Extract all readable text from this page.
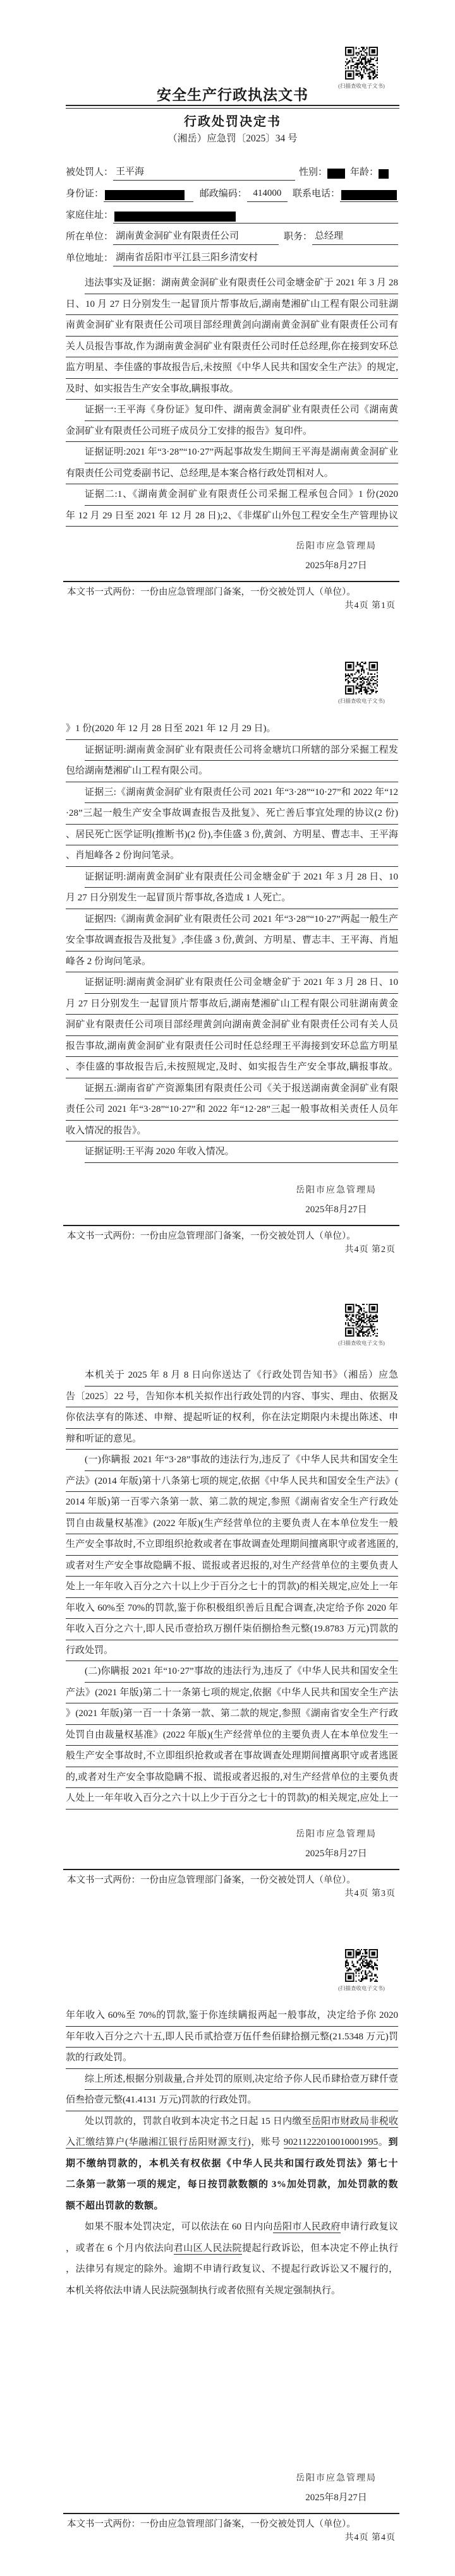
(扫描查收电子文书)
安全生产行政执法文书
行政处罚决定书
（湘岳）应急罚〔2025〕34 号
被处罚人： 王平海	性别： 年龄：
身份证：	邮政编码： 414000	联系电话：
家庭住址：
所在单位： 湖南黄金洞矿业有限责任公司	职务： 总经理
单位地址： 湖南省岳阳市平江县三阳乡清安村
违法事实及证据：湖南黄金洞矿业有限责任公司金塘金矿于 2021 年 3 月 28
日、10 月 27 日分别发生一起冒顶片帮事故后,湖南楚湘矿山工程有限公司驻湖
南黄金洞矿业有限责任公司项目部经理黄剑向湖南黄金洞矿业有限责任公司有
关人员报告事故,作为湖南黄金洞矿业有限责任公司时任总经理,你在接到安环总
监方明星、李佳盛的事故报告后,未按照《中华人民共和国安全生产法》的规定,
及时、如实报告生产安全事故,瞒报事故。
证据一:王平海《身份证》复印件、湖南黄金洞矿业有限责任公司《湖南黄
金洞矿业有限责任公司班子成员分工安排的报告》复印件。
证据证明:2021 年“3·28”“10·27”两起事故发生期间王平海是湖南黄金洞矿业
有限责任公司党委副书记、总经理,是本案合格行政处罚相对人。
证据二:1、《湖南黄金洞矿业有限责任公司采掘工程承包合同》1 份(2020
年 12 月 29 日至 2021 年 12 月 28 日);2、《非煤矿山外包工程安全生产管理协议
岳阳市应急管理局
2025年8月27日
本文书一式两份：一份由应急管理部门备案，一份交被处罚人（单位）。
共4页 第1页
(扫描查收电子文书)
》1 份(2020 年 12 月 28 日至 2021 年 12 月 29 日)。
证据证明:湖南黄金洞矿业有限责任公司将金塘坑口所辖的部分采掘工程发
包给湖南楚湘矿山工程有限公司。
证据三:《湖南黄金洞矿业有限责任公司 2021 年“3·28”“10·27”和 2022 年“12
·28”三起一般生产安全事故调查报告及批复》、死亡善后事宜处理的协议(2 份)
、居民死亡医学证明(推断书)(2 份),李佳盛 3 份,黄剑、方明星、曹志丰、王平海
、肖旭峰各 2 份询问笔录。
证据证明:湖南黄金洞矿业有限责任公司金塘金矿于 2021 年 3 月 28 日、10
月 27 日分别发生一起冒顶片帮事故,各造成 1 人死亡。
证据四:《湖南黄金洞矿业有限责任公司 2021 年“3·28”“10·27”两起一般生产
安全事故调查报告及批复》,李佳盛 3 份,黄剑、方明星、曹志丰、王平海、肖旭
峰各 2 份询问笔录。
证据证明:湖南黄金洞矿业有限责任公司金塘金矿于 2021 年 3 月 28 日、10
月 27 日分别发生一起冒顶片帮事故后,湖南楚湘矿山工程有限公司驻湖南黄金
洞矿业有限责任公司项目部经理黄剑向湖南黄金洞矿业有限责任公司有关人员
报告事故,湖南黄金洞矿业有限责任公司时任总经理王平海接到安环总监方明星
、李佳盛的事故报告后,未按照规定,及时、如实报告生产安全事故,瞒报事故。
证据五:湖南省矿产资源集团有限责任公司《关于报送湖南黄金洞矿业有限
责任公司 2021 年“3·28”“10·27”和 2022 年“12·28”三起一般事故相关责任人员年
收入情况的报告》。
证据证明:王平海 2020 年收入情况。
岳阳市应急管理局
2025年8月27日
本文书一式两份：一份由应急管理部门备案，一份交被处罚人（单位）。
共4页 第2页
(扫描查收电子文书)
本机关于 2025 年 8 月 8 日向你送达了《行政处罚告知书》（湘岳）应急
告〔2025〕22 号，告知你本机关拟作出行政处罚的内容、事实、理由、依据及
你依法享有的陈述、申辩、提起听证的权利，你在法定期限内未提出陈述、申
辩和听证的意见。
(一)你瞒报 2021 年“3·28”事故的违法行为,违反了《中华人民共和国安全生
产法》(2014 年版)第十八条第七项的规定,依据《中华人民共和国安全生产法》(
2014 年版)第一百零六条第一款、第二款的规定,参照《湖南省安全生产行政处
罚自由裁量权基准》(2022 年版)(生产经营单位的主要负责人在本单位发生一般
生产安全事故时,不立即组织抢救或者在事故调查处理期间擅离职守或者逃匿的,
或者对生产安全事故隐瞒不报、谎报或者迟报的,对生产经营单位的主要负责人
处上一年年收入百分之六十以上少于百分之七十的罚款)的相关规定,应处上一年
年收入 60%至 70%的罚款,鉴于你积极组织善后且配合调查,决定给予你 2020 年
年收入百分之六十,即人民币壹拾玖万捌仟柒佰捌拾叁元整(19.8783 万元)罚款的
行政处罚。
(二)你瞒报 2021 年“10·27”事故的违法行为,违反了《中华人民共和国安全生
产法》(2021 年版)第二十一条第七项的规定,依据《中华人民共和国安全生产法
》(2021 年版)第一百一十条第一款、第二款的规定,参照《湖南省安全生产行政
处罚自由裁量权基准》(2022 年版)(生产经营单位的主要负责人在本单位发生一
般生产安全事故时,不立即组织抢救或者在事故调查处理期间擅离职守或者逃匿
的,或者对生产安全事故隐瞒不报、谎报或者迟报的,对生产经营单位的主要负责
人处上一年年收入百分之六十以上少于百分之七十的罚款)的相关规定,应处上一
岳阳市应急管理局
2025年8月27日
本文书一式两份：一份由应急管理部门备案，一份交被处罚人（单位）。
共4页 第3页
(扫描查收电子文书)
年年收入 60%至 70%的罚款,鉴于你连续瞒报两起一般事故，决定给予你 2020
年年收入百分之六十五,即人民币贰拾壹万伍仟叁佰肆拾捌元整(21.5348 万元)罚
款的行政处罚。
综上所述,根据分别裁量,合并处罚的原则,决定给予你人民币肆拾壹万肆仟壹
佰叁拾壹元整(41.4131 万元)罚款的行政处罚。
处以罚款的，罚款自收到本决定书之日起 15 日内缴至岳阳市财政局非税收
入汇缴结算户(华融湘江银行岳阳财源支行)，账号 90211222010010001995。到
期不缴纳罚款的，本机关有权依据《中华人民共和国行政处罚法》第七十
二条第一款第一项的规定，每日按罚款数额的 3%加处罚款，加处罚款的数
额不超出罚款的数额。
如果不服本处罚决定，可以依法在 60 日内向岳阳市人民政府申请行政复议
，或者在 6 个月内依法向君山区人民法院提起行政诉讼，但本决定不停止执行
，法律另有规定的除外。逾期不申请行政复议、不提起行政诉讼又不履行的，
本机关将依法申请人民法院强制执行或者依照有关规定强制执行。
岳阳市应急管理局
2025年8月27日
本文书一式两份：一份由应急管理部门备案，一份交被处罚人（单位）。
共4页 第4页
